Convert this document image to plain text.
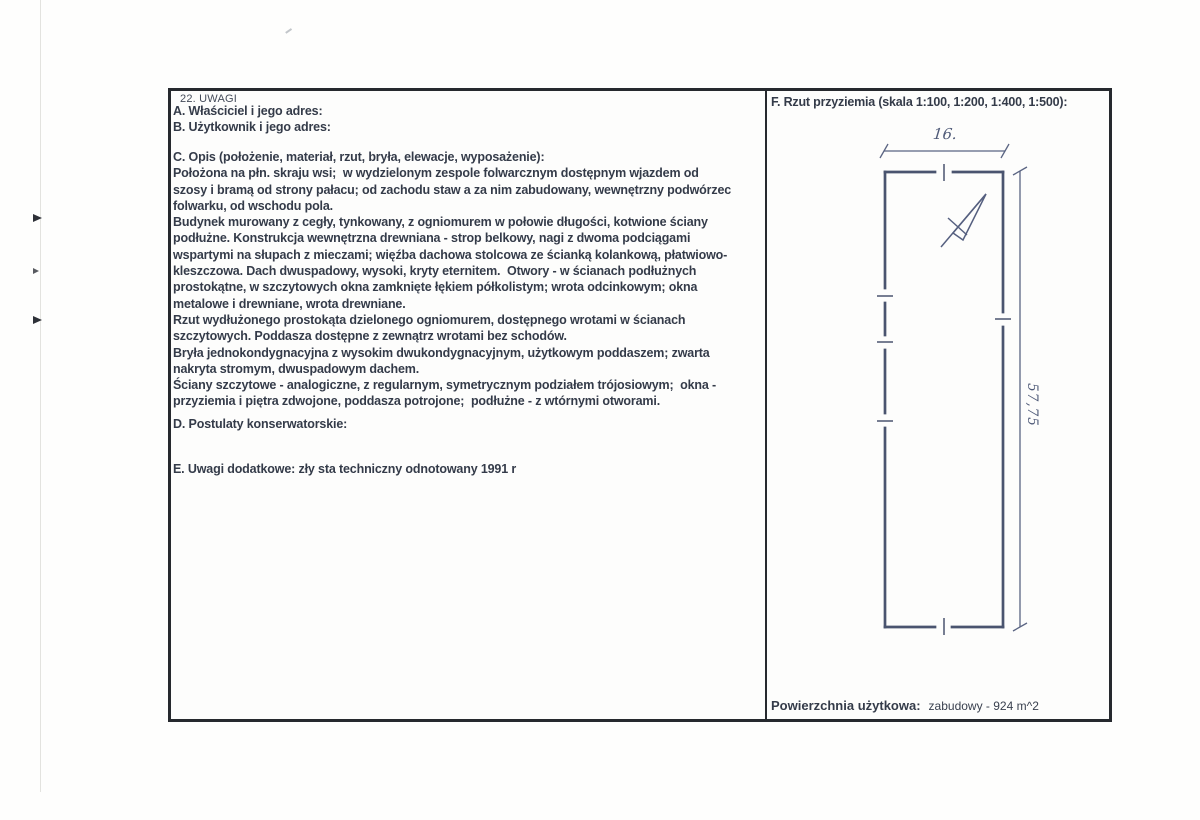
22. UWAGI
A. Właściciel i jego adres:
B. Użytkownik i jego adres:
C. Opis (położenie, materiał, rzut, bryła, elewacje, wyposażenie):
Położona na płn. skraju wsi;  w wydzielonym zespole folwarcznym dostępnym wjazdem od
szosy i bramą od strony pałacu; od zachodu staw a za nim zabudowany, wewnętrzny podwórzec
folwarku, od wschodu pola.
Budynek murowany z cegły, tynkowany, z ogniomurem w połowie długości, kotwione ściany
podłużne. Konstrukcja wewnętrzna drewniana - strop belkowy, nagi z dwoma podciągami
wspartymi na słupach z mieczami; więźba dachowa stolcowa ze ścianką kolankową, płatwiowo-
kleszczowa. Dach dwuspadowy, wysoki, kryty eternitem.  Otwory - w ścianach podłużnych
prostokątne, w szczytowych okna zamknięte łękiem półkolistym; wrota odcinkowym; okna
metalowe i drewniane, wrota drewniane.
Rzut wydłużonego prostokąta dzielonego ogniomurem, dostępnego wrotami w ścianach
szczytowych. Poddasza dostępne z zewnątrz wrotami bez schodów.
Bryła jednokondygnacyjna z wysokim dwukondygnacyjnym, użytkowym poddaszem; zwarta
nakryta stromym, dwuspadowym dachem.
Ściany szczytowe - analogiczne, z regularnym, symetrycznym podziałem trójosiowym;  okna -
przyziemia i piętra zdwojone, poddasza potrojone;  podłużne - z wtórnymi otworami.
D. Postulaty konserwatorskie:
E. Uwagi dodatkowe: zły sta techniczny odnotowany 1991 r
F. Rzut przyziemia (skala 1:100, 1:200, 1:400, 1:500):
16.
57,75
Powierzchnia użytkowa: zabudowy - 924 m^2
